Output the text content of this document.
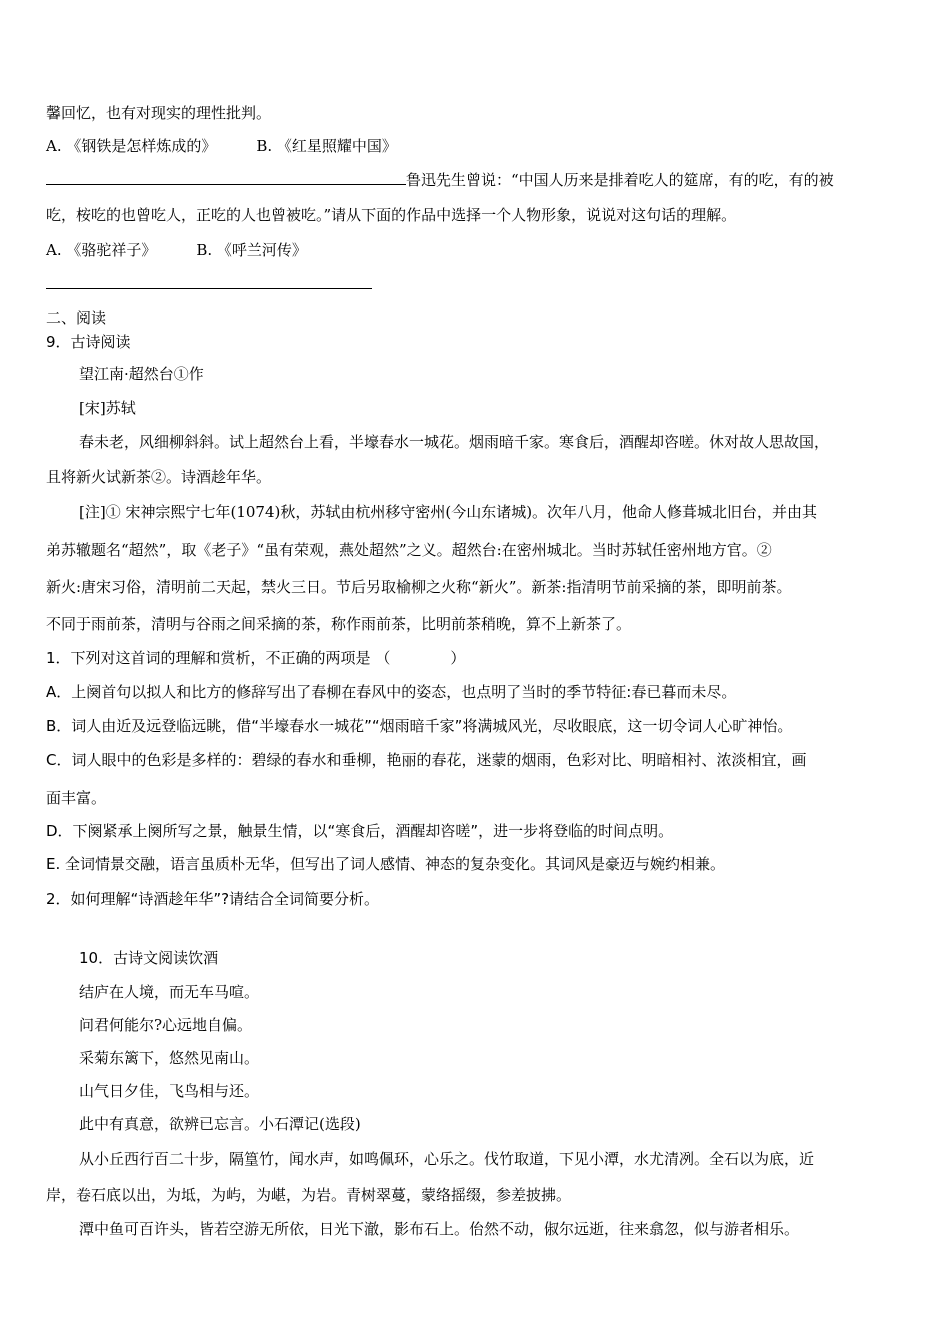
馨回忆，也有对现实的理性批判。
A. 《钢铁是怎样炼成的》	B. 《红星照耀中国》
鲁迅先生曾说：“中国人历来是排着吃人的筵席，有的吃，有的被
吃，桉吃的也曾吃人，正吃的人也曾被吃。”请从下面的作品中选择一个人物形象，说说对这句话的理解。
A. 《骆驼祥子》	B. 《呼兰河传》
二、阅读
9．古诗阅读
望江南·超然台①作
[宋]苏轼
春未老，风细柳斜斜。试上超然台上看，半壕春水一城花。烟雨暗千家。寒食后，酒醒却咨嗟。休对故人思故国，
且将新火试新茶②。诗酒趁年华。
[注]① 宋神宗熙宁七年(1074)秋，苏轼由杭州移守密州(今山东诸城)。次年八月，他命人修葺城北旧台，并由其
弟苏辙题名“超然”，取《老子》“虽有荣观，燕处超然”之义。超然台:在密州城北。当时苏轼任密州地方官。②
新火:唐宋习俗，清明前二天起，禁火三日。节后另取榆柳之火称“新火”。新茶:指清明节前采摘的茶，即明前茶。
不同于雨前茶，清明与谷雨之间采摘的茶，称作雨前茶，比明前茶稍晚，算不上新茶了。
1．下列对这首词的理解和赏析，不正确的两项是 （　　　　）
A．上阕首句以拟人和比方的修辞写出了春柳在春风中的姿态，也点明了当时的季节特征:春已暮而未尽。
B．词人由近及远登临远眺，借“半壕春水一城花”“烟雨暗千家”将满城风光，尽收眼底，这一切令词人心旷神怡。
C．词人眼中的色彩是多样的：碧绿的春水和垂柳，艳丽的春花，迷蒙的烟雨，色彩对比、明暗相衬、浓淡相宜，画
面丰富。
D．下阕紧承上阕所写之景，触景生情，以“寒食后，酒醒却咨嗟”，进一步将登临的时间点明。
E. 全词情景交融，语言虽质朴无华，但写出了词人感情、神态的复杂变化。其词风是豪迈与婉约相兼。
2．如何理解“诗酒趁年华”?请结合全词简要分析。
10．古诗文阅读饮酒
结庐在人境，而无车马喧。
问君何能尔?心远地自偏。
采菊东篱下，悠然见南山。
山气日夕佳，飞鸟相与还。
此中有真意，欲辨已忘言。小石潭记(选段)
从小丘西行百二十步，隔篁竹，闻水声，如鸣佩环，心乐之。伐竹取道，下见小潭，水尤清冽。全石以为底，近
岸，卷石底以出，为坻，为屿，为嵁，为岩。青树翠蔓，蒙络摇缀，参差披拂。
潭中鱼可百许头，皆若空游无所依，日光下澈，影布石上。佁然不动，俶尔远逝，往来翕忽，似与游者相乐。
